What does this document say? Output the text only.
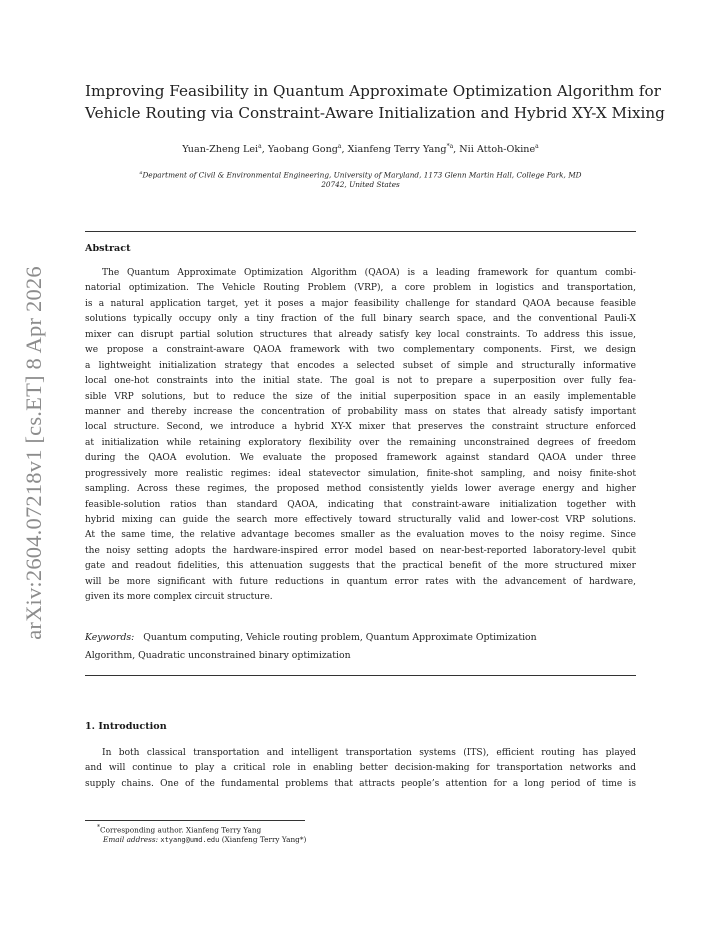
arXiv:2604.07218v1 [cs.ET] 8 Apr 2026
Improving Feasibility in Quantum Approximate Optimization Algorithm for
Vehicle Routing via Constraint-Aware Initialization and Hybrid XY-X Mixing
Yuan-Zheng Lei$^a$, Yaobang Gong$^a$, Xianfeng Terry Yang$^{*a}$, Nii Attoh-Okine$^a$
$^a$Department of Civil & Environmental Engineering, University of Maryland, 1173 Glenn Martin Hall, College Park, MD
20742, United States
Abstract
The Quantum Approximate Optimization Algorithm (QAOA) is a leading framework for quantum combi-
natorial optimization. The Vehicle Routing Problem (VRP), a core problem in logistics and transportation,
is a natural application target, yet it poses a major feasibility challenge for standard QAOA because feasible
solutions typically occupy only a tiny fraction of the full binary search space, and the conventional Pauli-X
mixer can disrupt partial solution structures that already satisfy key local constraints. To address this issue,
we propose a constraint-aware QAOA framework with two complementary components. First, we design
a lightweight initialization strategy that encodes a selected subset of simple and structurally informative
local one-hot constraints into the initial state. The goal is not to prepare a superposition over fully fea-
sible VRP solutions, but to reduce the size of the initial superposition space in an easily implementable
manner and thereby increase the concentration of probability mass on states that already satisfy important
local structure. Second, we introduce a hybrid XY-X mixer that preserves the constraint structure enforced
at initialization while retaining exploratory flexibility over the remaining unconstrained degrees of freedom
during the QAOA evolution. We evaluate the proposed framework against standard QAOA under three
progressively more realistic regimes: ideal statevector simulation, finite-shot sampling, and noisy finite-shot
sampling. Across these regimes, the proposed method consistently yields lower average energy and higher
feasible-solution ratios than standard QAOA, indicating that constraint-aware initialization together with
hybrid mixing can guide the search more effectively toward structurally valid and lower-cost VRP solutions.
At the same time, the relative advantage becomes smaller as the evaluation moves to the noisy regime. Since
the noisy setting adopts the hardware-inspired error model based on near-best-reported laboratory-level qubit
gate and readout fidelities, this attenuation suggests that the practical benefit of the more structured mixer
will be more significant with future reductions in quantum error rates with the advancement of hardware,
given its more complex circuit structure.
Keywords: Quantum computing, Vehicle routing problem, Quantum Approximate Optimization
Algorithm, Quadratic unconstrained binary optimization
1. Introduction
In both classical transportation and intelligent transportation systems (ITS), efficient routing has played
and will continue to play a critical role in enabling better decision-making for transportation networks and
supply chains. One of the fundamental problems that attracts people’s attention for a long period of time is
*Corresponding author. Xianfeng Terry Yang
Email address: xtyang@umd.edu (Xianfeng Terry Yang*)
